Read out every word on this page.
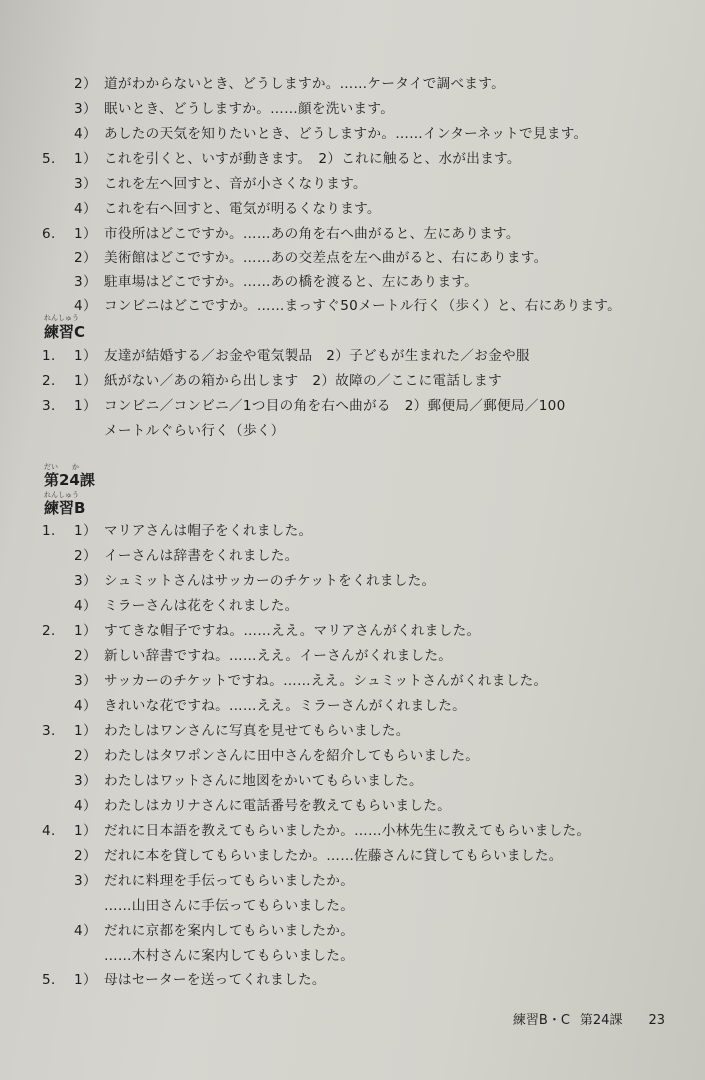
2） 道がわからないとき、どうしますか。……ケータイで調べます。
3） 眠いとき、どうしますか。……顔を洗います。
4） あしたの天気を知りたいとき、どうしますか。……インターネットで見ます。
5． 1） これを引くと、いすが動きます。　2）これに触ると、水が出ます。
3） これを左へ回すと、音が小さくなります。
4） これを右へ回すと、電気が明るくなります。
6． 1） 市役所はどこですか。……あの角を右へ曲がると、左にあります。
2） 美術館はどこですか。……あの交差点を左へ曲がると、右にあります。
3） 駐車場はどこですか。……あの橋を渡ると、左にあります。
4） コンビニはどこですか。……まっすぐ50メートル行く（歩く）と、右にあります。
れんしゅう
練習C
1． 1） 友達が結婚する／お金や電気製品　2）子どもが生まれた／お金や服
2． 1） 紙がない／あの箱から出します　2）故障の／ここに電話します
3． 1） コンビニ／コンビニ／1つ目の角を右へ曲がる　2）郵便局／郵便局／100
メートルぐらい行く（歩く）
だい　　か
第24課
れんしゅう
練習B
1． 1） マリアさんは帽子をくれました。
2） イーさんは辞書をくれました。
3） シュミットさんはサッカーのチケットをくれました。
4） ミラーさんは花をくれました。
2． 1） すてきな帽子ですね。……ええ。マリアさんがくれました。
2） 新しい辞書ですね。……ええ。イーさんがくれました。
3） サッカーのチケットですね。……ええ。シュミットさんがくれました。
4） きれいな花ですね。……ええ。ミラーさんがくれました。
3． 1） わたしはワンさんに写真を見せてもらいました。
2） わたしはタワポンさんに田中さんを紹介してもらいました。
3） わたしはワットさんに地図をかいてもらいました。
4） わたしはカリナさんに電話番号を教えてもらいました。
4． 1） だれに日本語を教えてもらいましたか。……小林先生に教えてもらいました。
2） だれに本を貸してもらいましたか。……佐藤さんに貸してもらいました。
3） だれに料理を手伝ってもらいましたか。
……山田さんに手伝ってもらいました。
4） だれに京都を案内してもらいましたか。
……木村さんに案内してもらいました。
5． 1） 母はセーターを送ってくれました。
練習B・C 第24課 23
